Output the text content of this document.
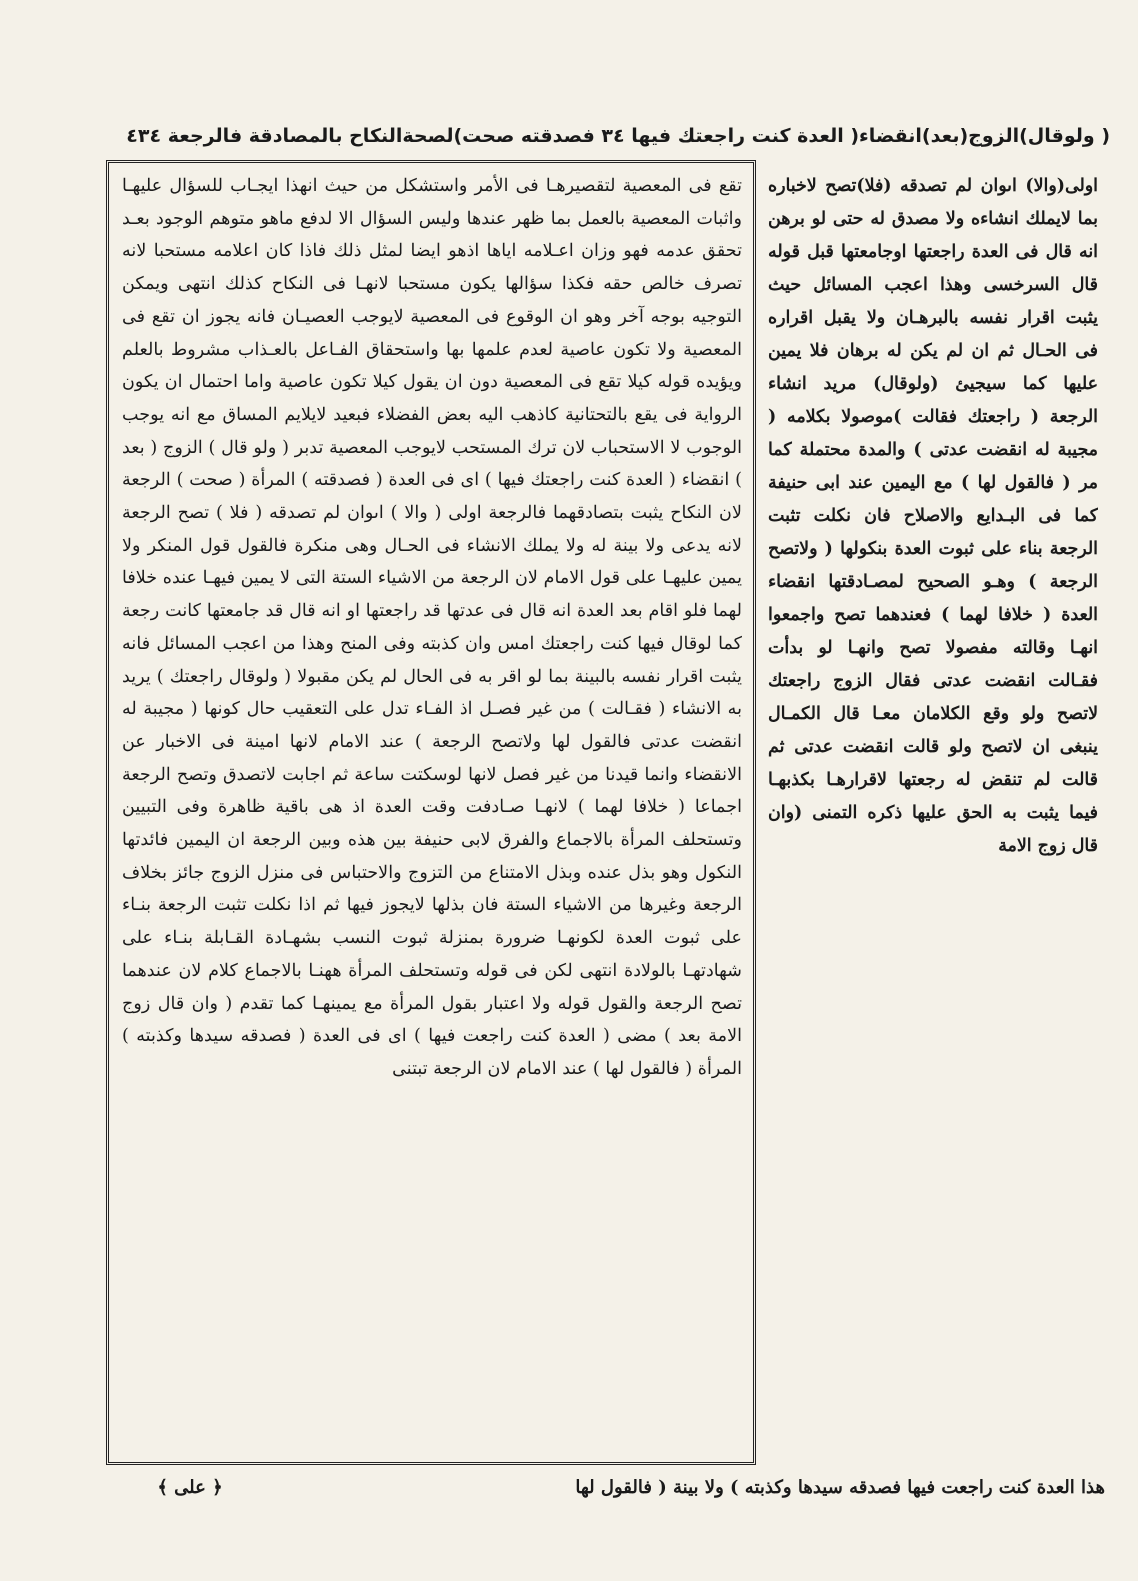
( ولوقال)الزوج(بعد)انقضاء( العدة كنت راجعتك فيها ٣٤ فصدقته صحت)لصحةالنكاح بالمصادقة فالرجعة ٤٣٤

تقع فى المعصية لتقصيرهـا فى الأمر واستشكل من حيث انهذا ايجـاب للسؤال عليهـا واثبات المعصية بالعمل بما ظهر عندها وليس السؤال الا لدفع ماهو متوهم الوجود بعـد تحقق عدمه فهو وزان اعـلامه اياها اذهو ايضا لمثل ذلك فاذا كان اعلامه مستحبا لانه تصرف خالص حقه فكذا سؤالها يكون مستحبا لانهـا فى النكاح كذلك انتهى ويمكن التوجيه بوجه آخر وهو ان الوقوع فى المعصية لايوجب العصيـان فانه يجوز ان تقع فى المعصية ولا تكون عاصية لعدم علمها بها واستحقاق الفـاعل بالعـذاب مشروط بالعلم ويؤيده قوله كيلا تقع فى المعصية دون ان يقول كيلا تكون عاصية واما احتمال ان يكون الرواية فى يقع بالتحتانية كاذهب اليه بعض الفضلاء فبعيد لايلايم المساق مع انه يوجب الوجوب لا الاستحباب لان ترك المستحب لايوجب المعصية تدبر ( ولو قال ) الزوج ( بعد ) انقضاء ( العدة كنت راجعتك فيها ) اى فى العدة ( فصدقته ) المرأة ( صحت ) الرجعة لان النكاح يثبت بتصادقهما فالرجعة اولى ( والا ) اىوان لم تصدقه ( فلا ) تصح الرجعة لانه يدعى ولا بينة له ولا يملك الانشاء فى الحـال وهى منكرة فالقول قول المنكر ولا يمين عليهـا على قول الامام لان الرجعة من الاشياء الستة التى لا يمين فيهـا عنده خلافا لهما فلو اقام بعد العدة انه قال فى عدتها قد راجعتها او انه قال قد جامعتها كانت رجعة كما لوقال فيها كنت راجعتك امس وان كذبته وفى المنح وهذا من اعجب المسائل فانه يثبت اقرار نفسه بالبينة بما لو اقر به فى الحال لم يكن مقبولا ( ولوقال راجعتك ) يريد به الانشاء ( فقـالت ) من غير فصـل اذ الفـاء تدل على التعقيب حال كونها ( مجيبة له انقضت عدتى فالقول لها ولاتصح الرجعة ) عند الامام لانها امينة فى الاخبار عن الانقضاء وانما قيدنا من غير فصل لانها لوسكتت ساعة ثم اجابت لاتصدق وتصح الرجعة اجماعا ( خلافا لهما ) لانهـا صـادفت وقت العدة اذ هى باقية ظاهرة وفى التبيين وتستحلف المرأة بالاجماع والفرق لابى حنيفة بين هذه وبين الرجعة ان اليمين فائدتها النكول وهو بذل عنده وبذل الامتناع من التزوج والاحتباس فى منزل الزوج جائز بخلاف الرجعة وغيرها من الاشياء الستة فان بذلها لايجوز فيها ثم اذا نكلت تثبت الرجعة بنـاء على ثبوت العدة لكونهـا ضرورة بمنزلة ثبوت النسب بشهـادة القـابلة بنـاء على شهادتهـا بالولادة انتهى لكن فى قوله وتستحلف المرأة ههنـا بالاجماع كلام لان عندهما تصح الرجعة والقول قوله ولا اعتبار بقول المرأة مع يمينهـا كما تقدم ( وان قال زوج الامة بعد ) مضى ( العدة كنت راجعت فيها ) اى فى العدة ( فصدقه سيدها وكذبته ) المرأة ( فالقول لها ) عند الامام لان الرجعة تبتنى

اولى(والا) اىوان لم تصدقه (فلا)تصح لاخباره بما لايملك انشاءه ولا مصدق له حتى لو برهن انه قال فى العدة راجعتها اوجامعتها قبل قوله قال السرخسى وهذا اعجب المسائل حيث يثبت اقرار نفسه بالبرهـان ولا يقبل اقراره فى الحـال ثم ان لم يكن له برهان فلا يمين عليها كما سيجيئ (ولوقال) مريد انشاء الرجعة ( راجعتك فقالت )موصولا بكلامه ( مجيبة له انقضت عدتى ) والمدة محتملة كما مر ( فالقول لها ) مع اليمين عند ابى حنيفة كما فى البـدايع والاصلاح فان نكلت تثبت الرجعة بناء على ثبوت العدة بنكولها ( ولاتصح الرجعة ) وهـو الصحيح لمصـادقتها انقضاء العدة ( خلافا لهما ) فعندهما تصح واجمعوا انهـا وقالته مفصولا تصح وانهـا لو بدأت فقـالت انقضت عدتى فقال الزوج راجعتك لاتصح ولو وقع الكلامان معـا قال الكمـال ينبغى ان لاتصح ولو قالت انقضت عدتى ثم قالت لم تنقض له رجعتها لاقرارهـا بكذبهـا فيما يثبت به الحق عليها ذكره التمنى (وان قال زوج الامة

هذا العدة كنت راجعت فيها فصدقه سيدها وكذبته ) ولا بينة ( فالقول لها
﴿ على ﴾
